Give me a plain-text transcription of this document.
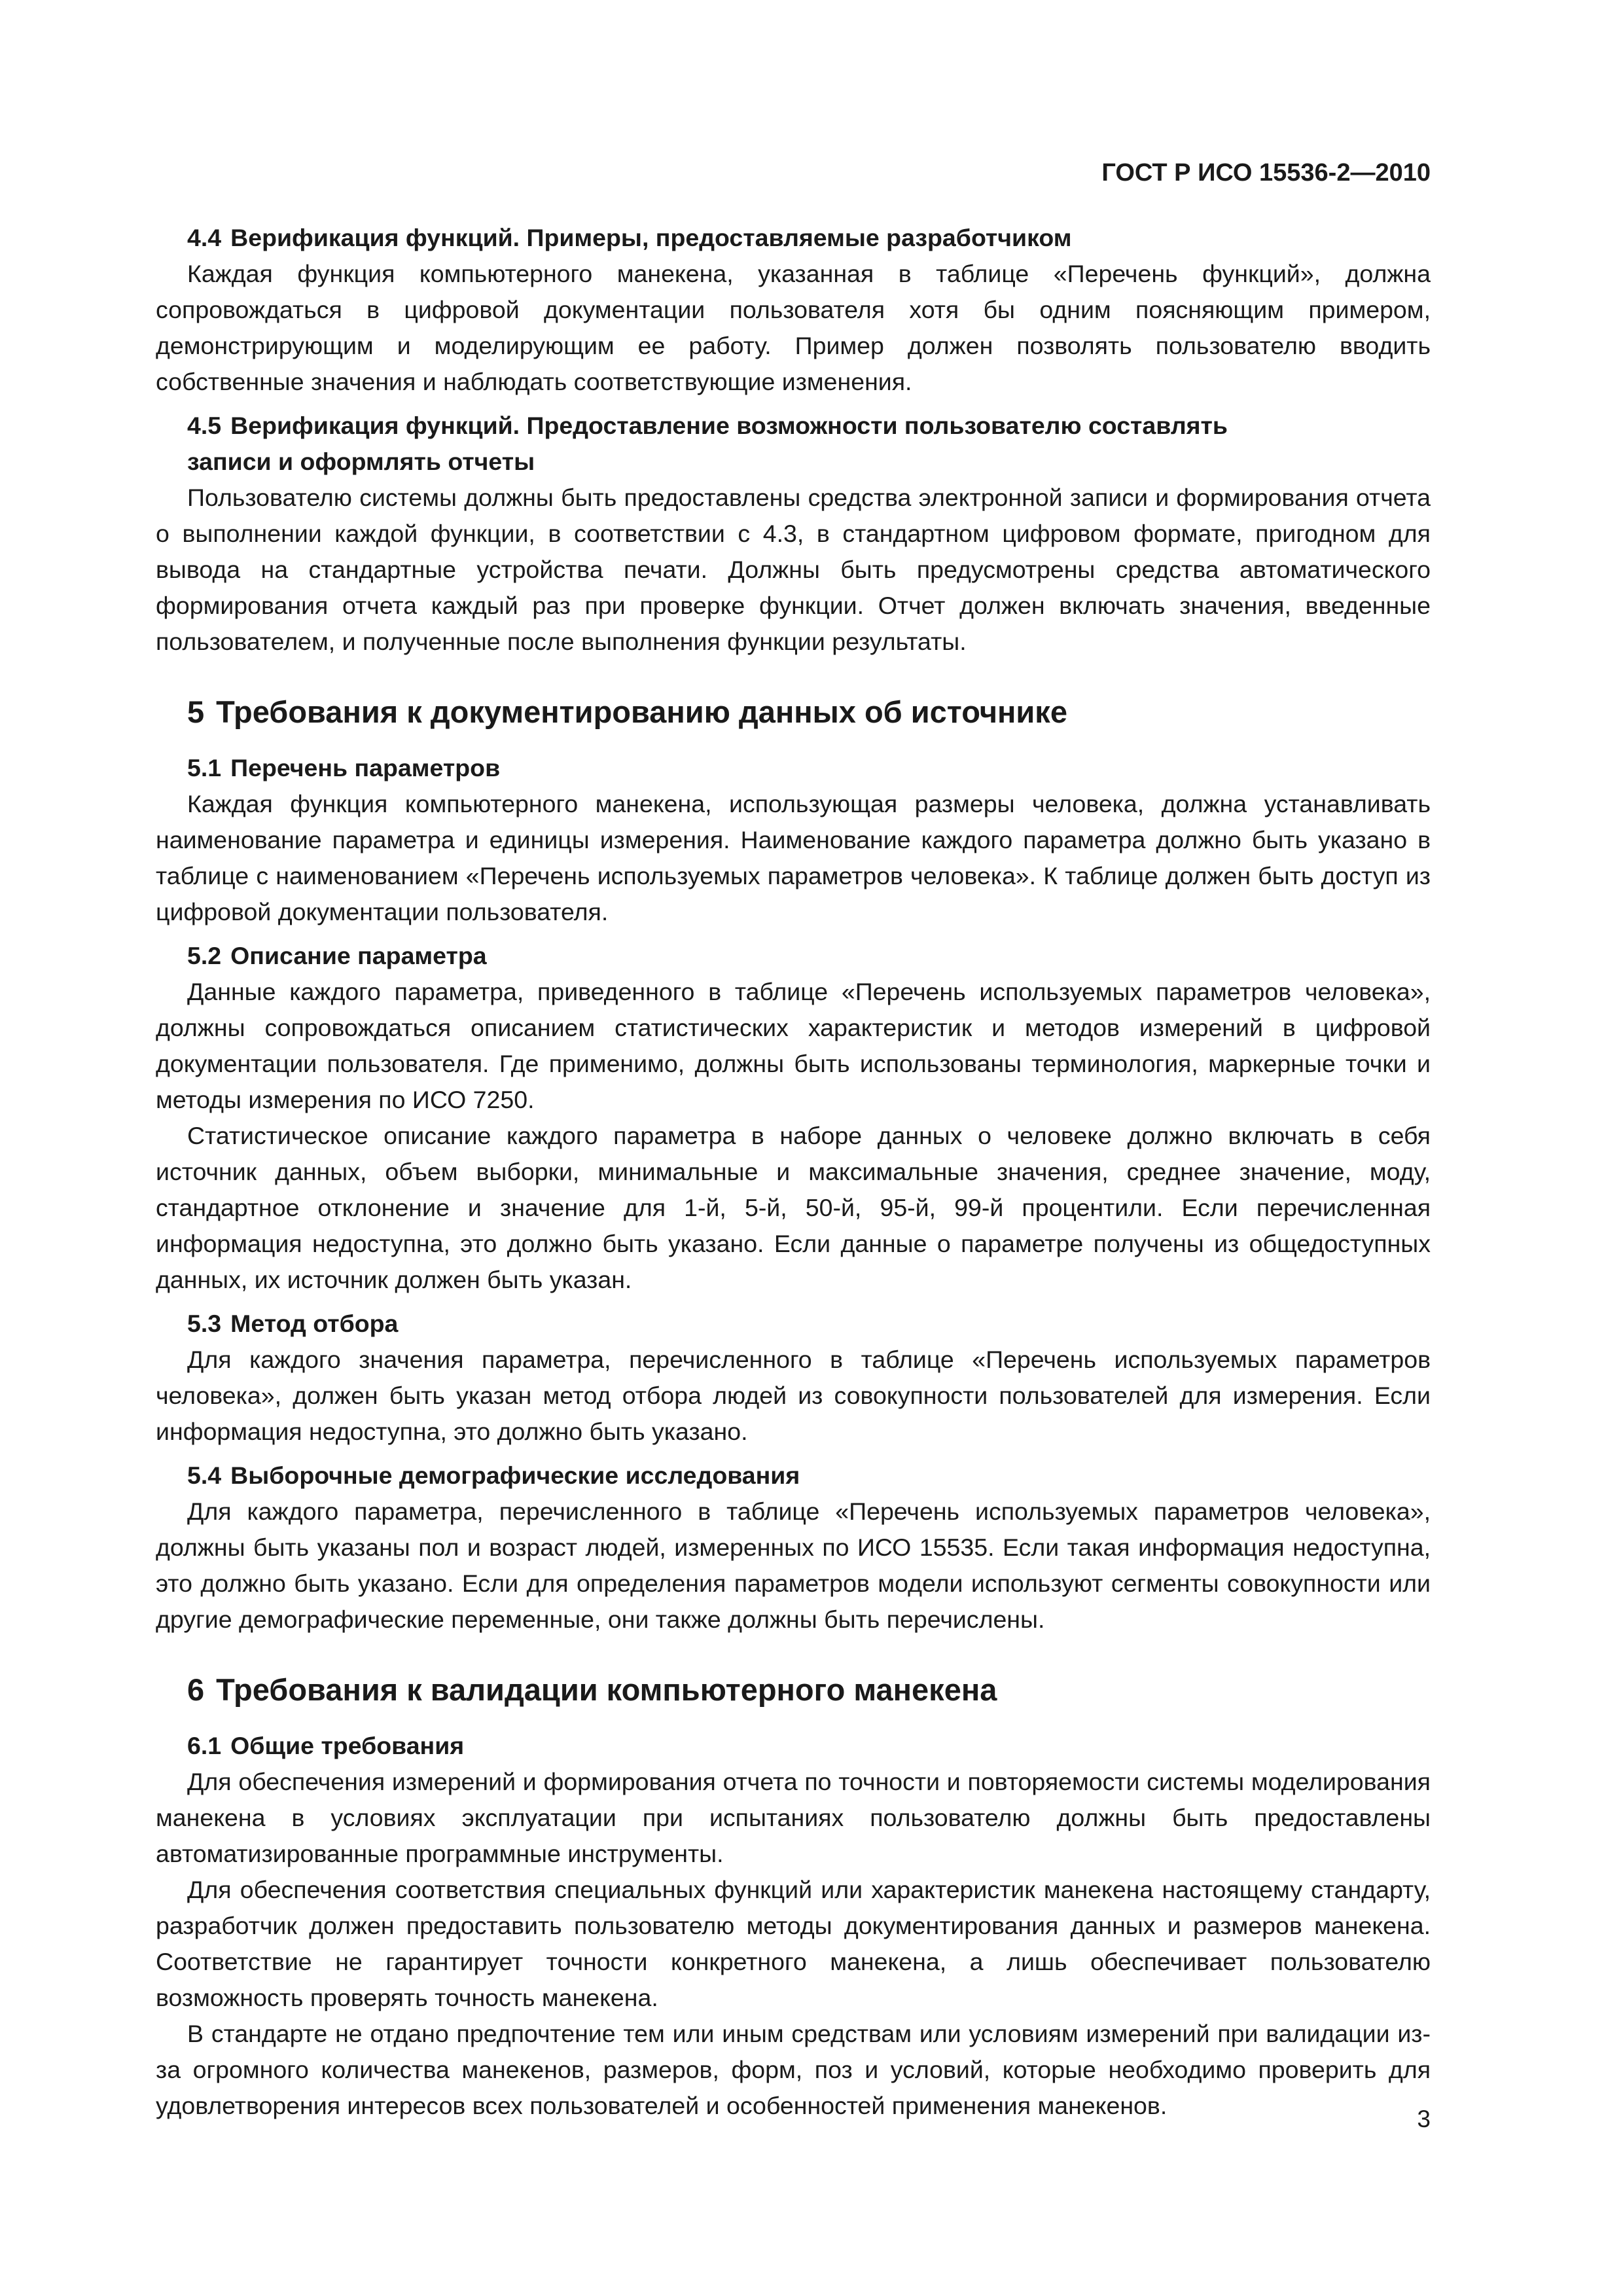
ГОСТ Р ИСО 15536-2—2010
4.4 Верификация функций. Примеры, предоставляемые разработчиком

Каждая функция компьютерного манекена, указанная в таблице «Перечень функций», должна сопровождаться в цифровой документации пользователя хотя бы одним поясняющим примером, демонстрирующим и моделирующим ее работу. Пример должен позволять пользователю вводить собственные значения и наблюдать соответствующие изменения.

4.5 Верификация функций. Предоставление возможности пользователю составлять
записи и оформлять отчеты

Пользователю системы должны быть предоставлены средства электронной записи и формирования отчета о выполнении каждой функции, в соответствии с 4.3, в стандартном цифровом формате, пригодном для вывода на стандартные устройства печати. Должны быть предусмотрены средства автоматического формирования отчета каждый раз при проверке функции. Отчет должен включать значения, введенные пользователем, и полученные после выполнения функции результаты.

5 Требования к документированию данных об источнике
5.1 Перечень параметров

Каждая функция компьютерного манекена, использующая размеры человека, должна устанавливать наименование параметра и единицы измерения. Наименование каждого параметра должно быть указано в таблице с наименованием «Перечень используемых параметров человека». К таблице должен быть доступ из цифровой документации пользователя.

5.2 Описание параметра

Данные каждого параметра, приведенного в таблице «Перечень используемых параметров человека», должны сопровождаться описанием статистических характеристик и методов измерений в цифровой документации пользователя. Где применимо, должны быть использованы терминология, маркерные точки и методы измерения по ИСО 7250.

Статистическое описание каждого параметра в наборе данных о человеке должно включать в себя источник данных, объем выборки, минимальные и максимальные значения, среднее значение, моду, стандартное отклонение и значение для 1-й, 5-й, 50-й, 95-й, 99-й процентили. Если перечисленная информация недоступна, это должно быть указано. Если данные о параметре получены из общедоступных данных, их источник должен быть указан.

5.3 Метод отбора

Для каждого значения параметра, перечисленного в таблице «Перечень используемых параметров человека», должен быть указан метод отбора людей из совокупности пользователей для измерения. Если информация недоступна, это должно быть указано.

5.4 Выборочные демографические исследования

Для каждого параметра, перечисленного в таблице «Перечень используемых параметров человека», должны быть указаны пол и возраст людей, измеренных по ИСО 15535. Если такая информация недоступна, это должно быть указано. Если для определения параметров модели используют сегменты совокупности или другие демографические переменные, они также должны быть перечислены.

6 Требования к валидации компьютерного манекена
6.1 Общие требования

Для обеспечения измерений и формирования отчета по точности и повторяемости системы моделирования манекена в условиях эксплуатации при испытаниях пользователю должны быть предоставлены автоматизированные программные инструменты.

Для обеспечения соответствия специальных функций или характеристик манекена настоящему стандарту, разработчик должен предоставить пользователю методы документирования данных и размеров манекена. Соответствие не гарантирует точности конкретного манекена, а лишь обеспечивает пользователю возможность проверять точность манекена.

В стандарте не отдано предпочтение тем или иным средствам или условиям измерений при валидации из-за огромного количества манекенов, размеров, форм, поз и условий, которые необходимо проверить для удовлетворения интересов всех пользователей и особенностей применения манекенов.	3
